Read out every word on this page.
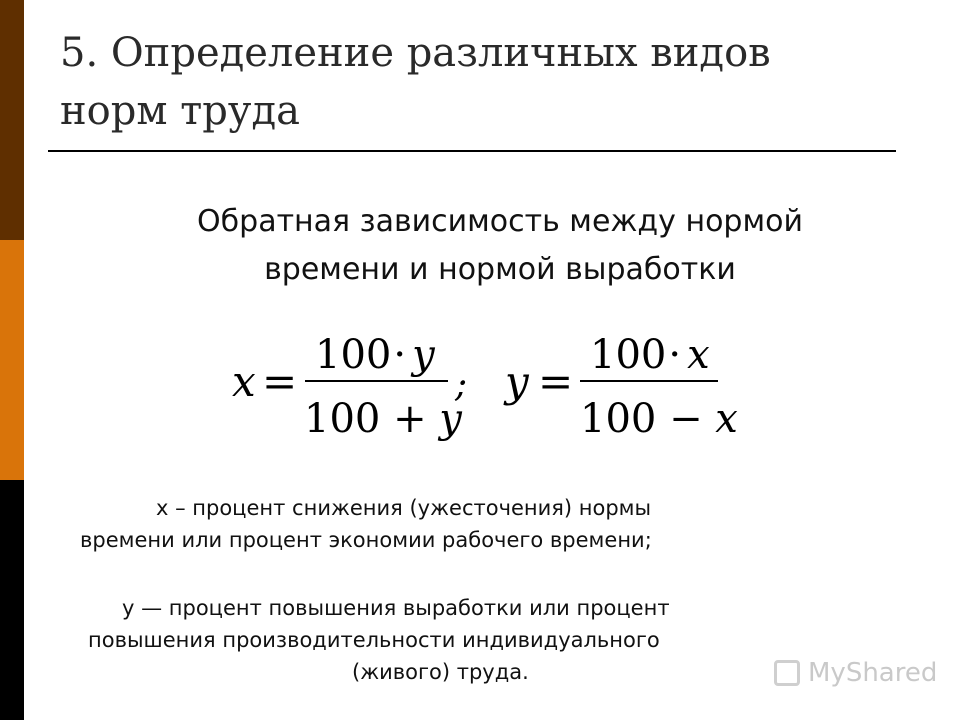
5. Определение различных видов
норм труда
Обратная зависимость между нормой
времени и нормой выработки
x =
100· y
100 + y
; y =
100· x
100 − x
x – процент снижения (ужесточения) нормы
времени или процент экономии рабочего времени;
y — процент повышения выработки или процент
повышения производительности индивидуального
(живого) труда.	MyShared
